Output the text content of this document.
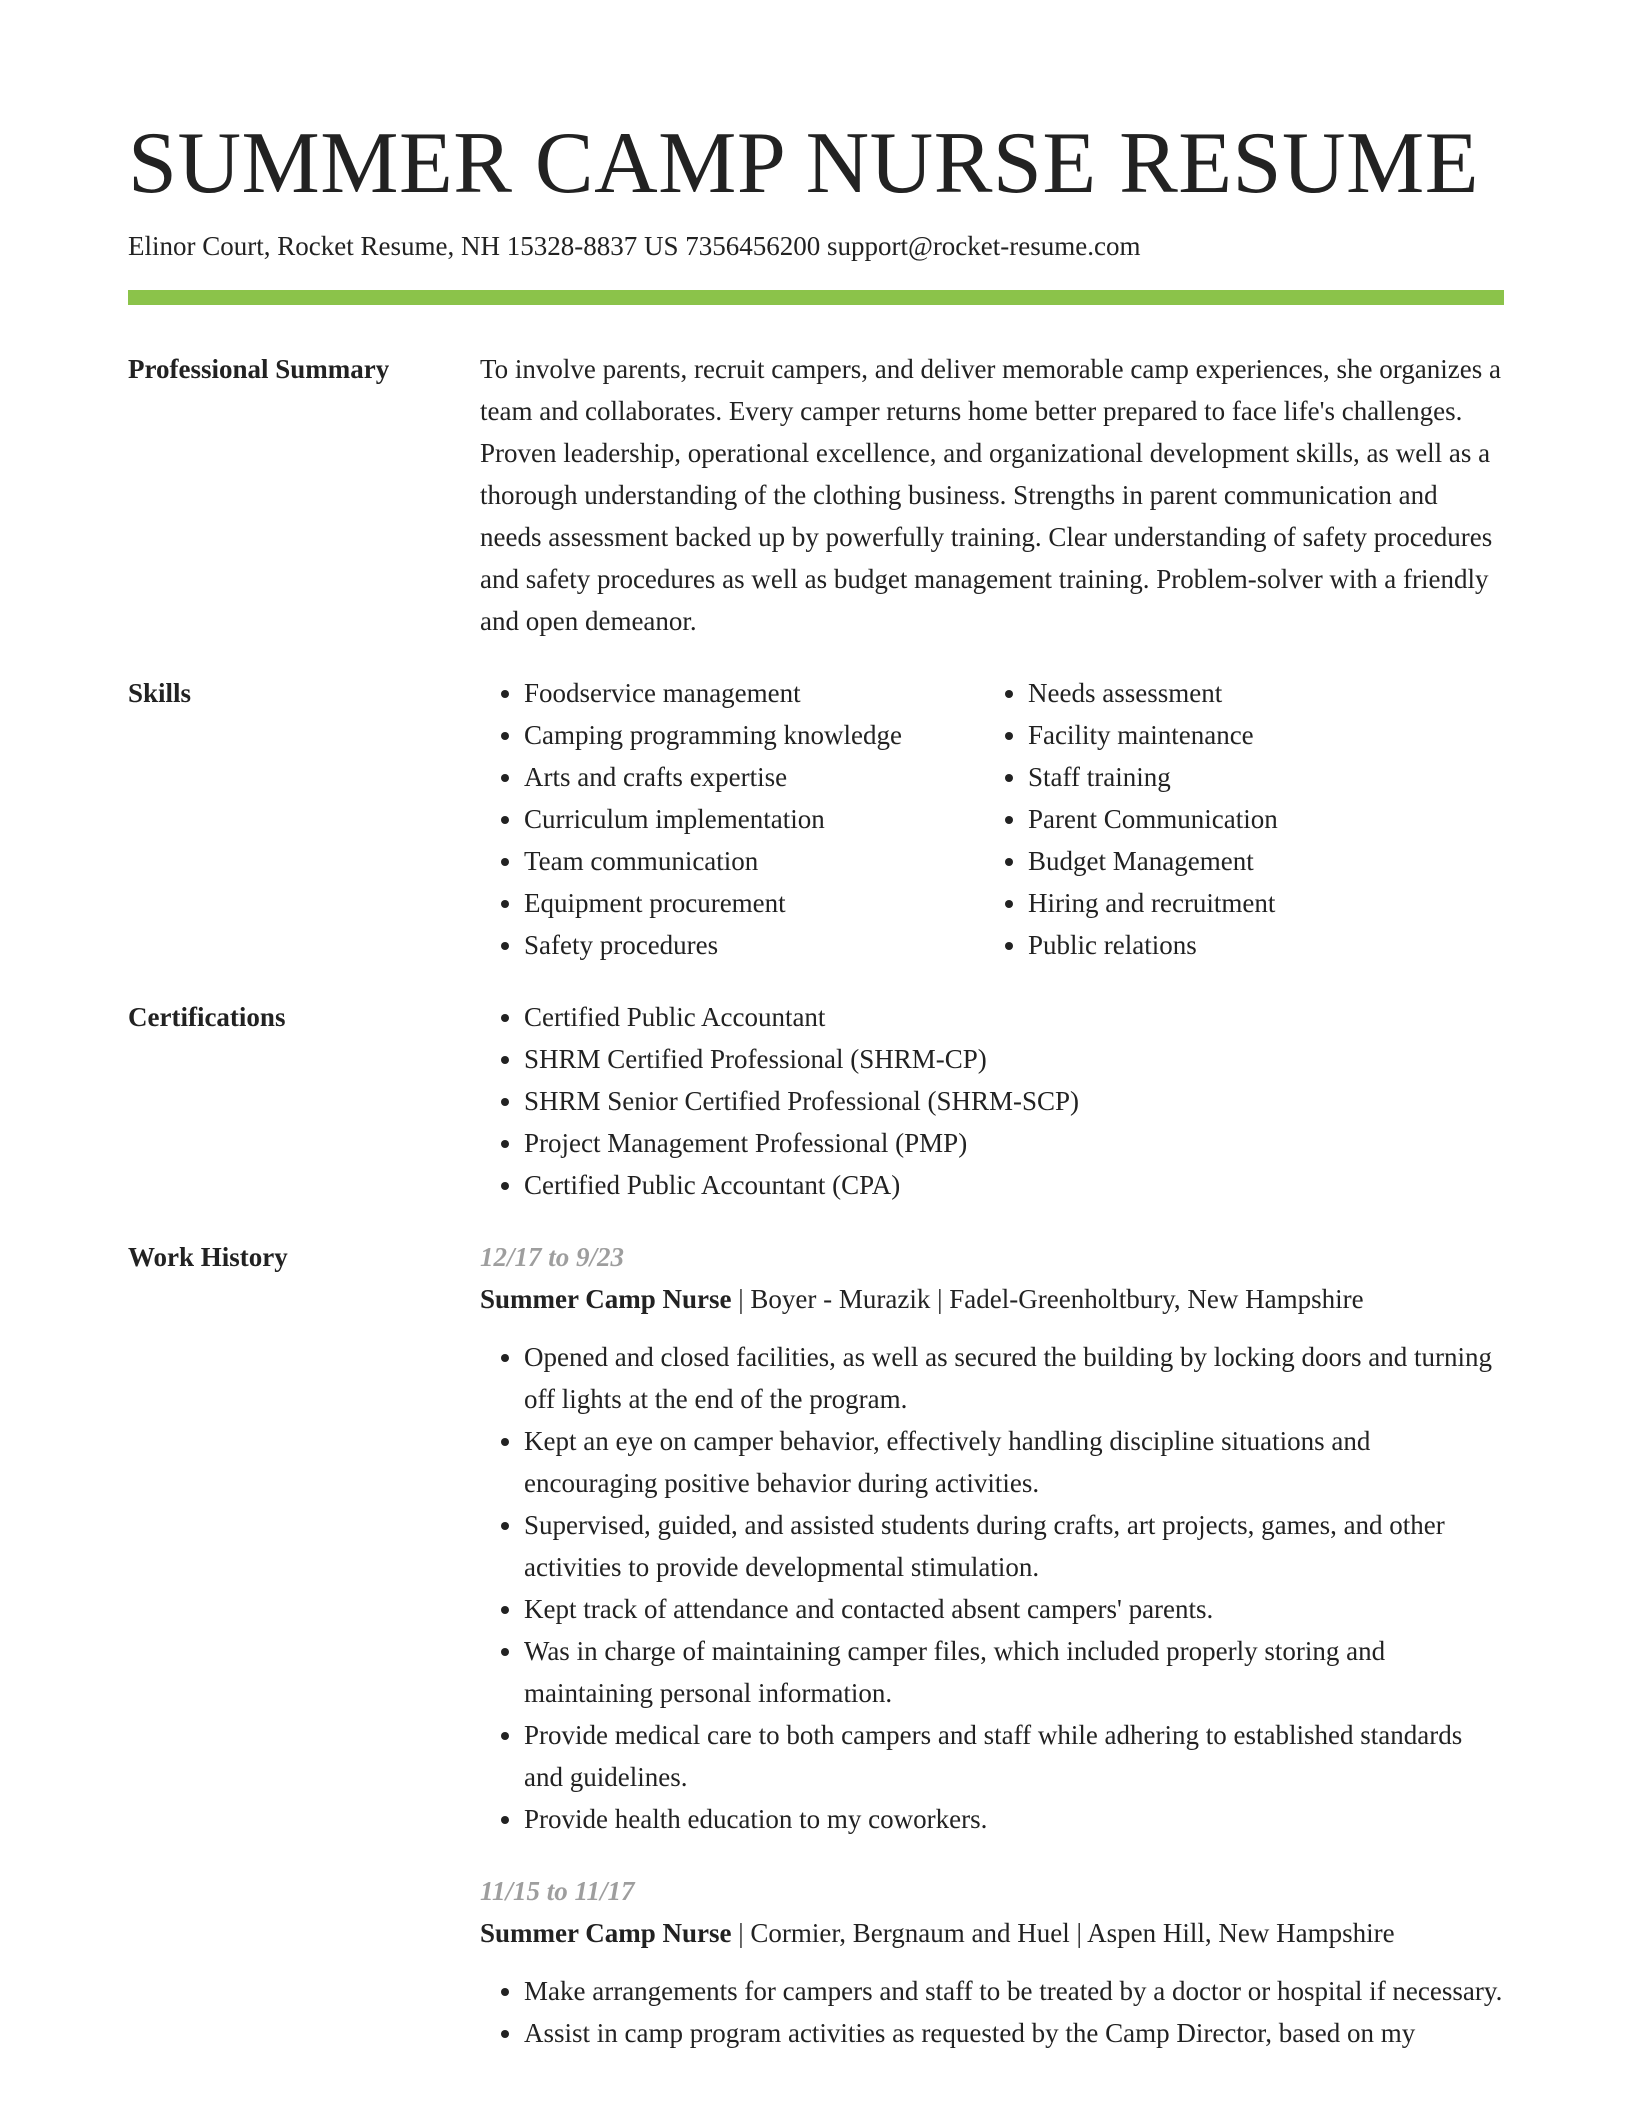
SUMMER CAMP NURSE RESUME
Elinor Court, Rocket Resume, NH 15328-8837 US 7356456200 support@rocket-resume.com
Professional Summary	To involve parents, recruit campers, and deliver memorable camp experiences, she organizes a team and collaborates. Every camper returns home better prepared to face life's challenges. Proven leadership, operational excellence, and organizational development skills, as well as a thorough understanding of the clothing business. Strengths in parent communication and needs assessment backed up by powerfully training. Clear understanding of safety procedures and safety procedures as well as budget management training. Problem-solver with a friendly and open demeanor.

Skills	• Foodservice management
• Camping programming knowledge
• Arts and crafts expertise
• Curriculum implementation
• Team communication
• Equipment procurement
• Safety procedures
• Needs assessment
• Facility maintenance
• Staff training
• Parent Communication
• Budget Management
• Hiring and recruitment
• Public relations
Certifications	• Certified Public Accountant
• SHRM Certified Professional (SHRM-CP)
• SHRM Senior Certified Professional (SHRM-SCP)
• Project Management Professional (PMP)
• Certified Public Accountant (CPA)
Work History	12/17 to 9/23
Summer Camp Nurse | Boyer - Murazik | Fadel-Greenholtbury, New Hampshire
• Opened and closed facilities, as well as secured the building by locking doors and turning off lights at the end of the program.
• Kept an eye on camper behavior, effectively handling discipline situations and encouraging positive behavior during activities.
• Supervised, guided, and assisted students during crafts, art projects, games, and other activities to provide developmental stimulation.
• Kept track of attendance and contacted absent campers' parents.
• Was in charge of maintaining camper files, which included properly storing and maintaining personal information.
• Provide medical care to both campers and staff while adhering to established standards and guidelines.
• Provide health education to my coworkers.
11/15 to 11/17
Summer Camp Nurse | Cormier, Bergnaum and Huel | Aspen Hill, New Hampshire
• Make arrangements for campers and staff to be treated by a doctor or hospital if necessary.
• Assist in camp program activities as requested by the Camp Director, based on my
